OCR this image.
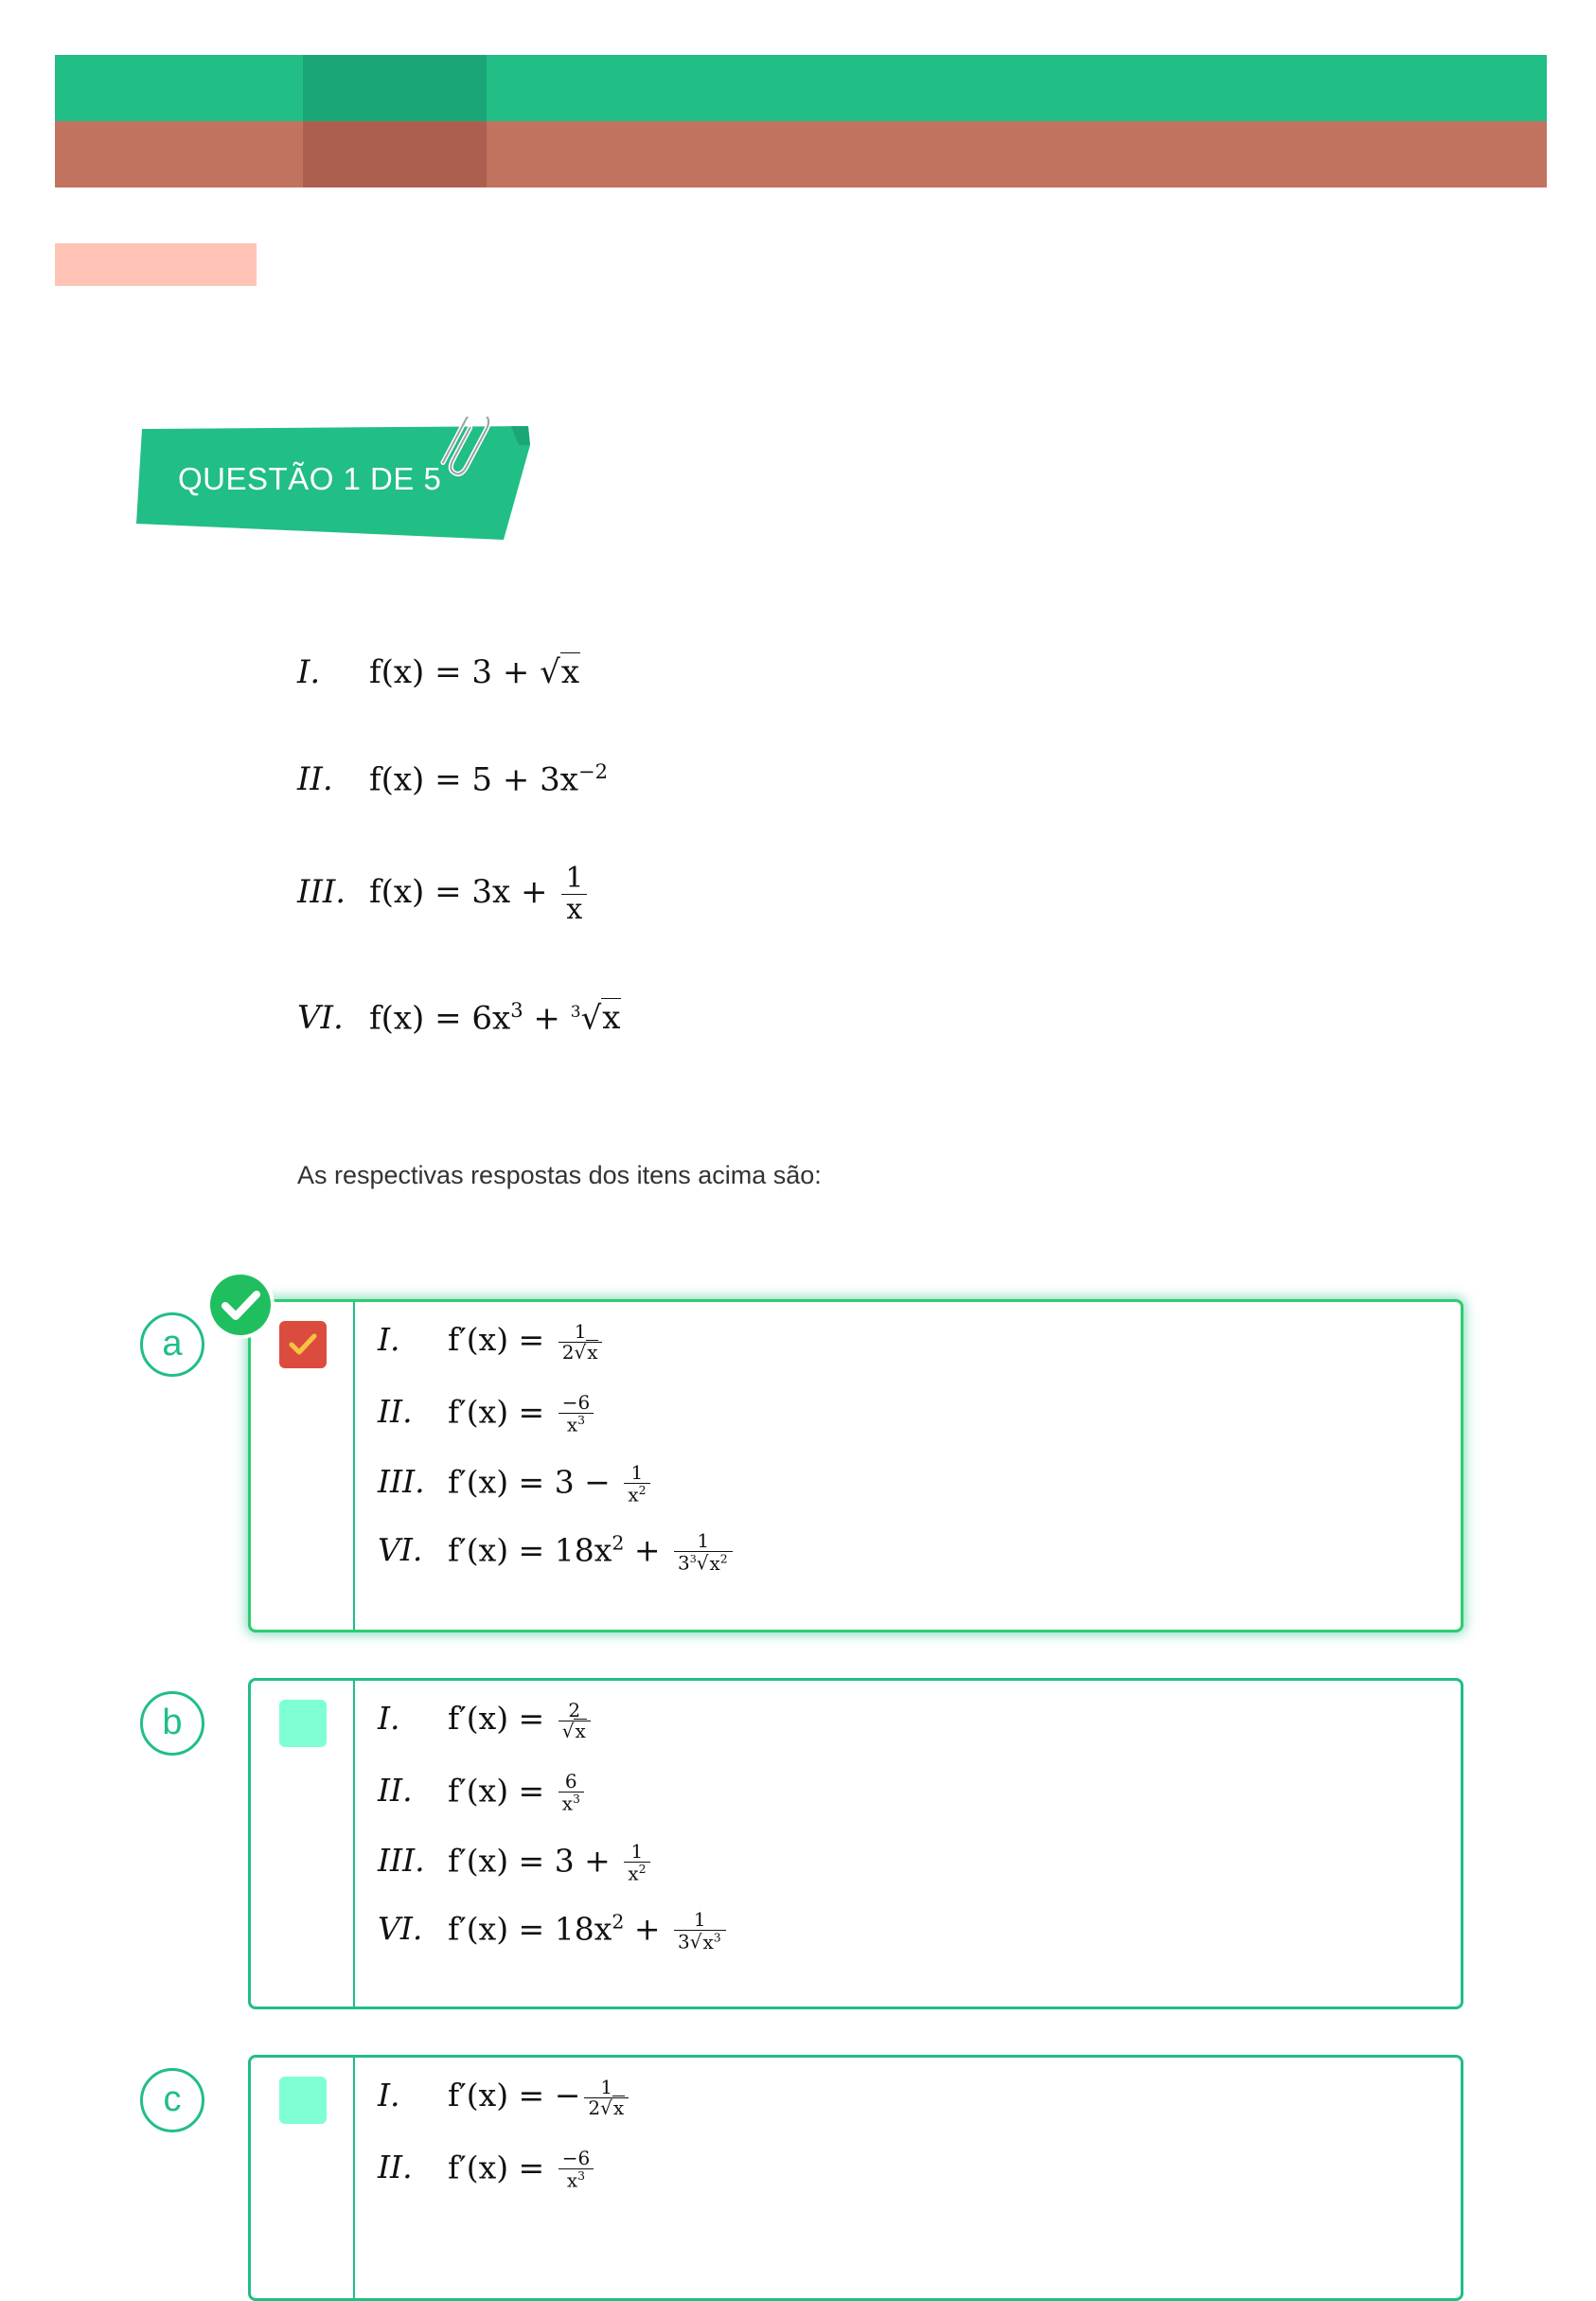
QUESTÃO 1 DE 5
I. f(x) = 3 + √x
II. $f(x) = 5 + 3x^{-2}$
III. $f(x) = 3x + \frac{1}{x}$
VI. $f(x) = 6x^3 + ^3√x$
As respectivas respostas dos itens acima são:
a	I. $f'(x) = \frac{1}{2√x}$
II. $f'(x) = \frac{-6}{x^3}$
III. $f'(x) = 3 - \frac{1}{x^2}$
VI. $f'(x) = 18x^2 + \frac{1}{3^3√x^2}$
b	I. $f'(x) = \frac{2}{√x}$
II. $f'(x) = \frac{6}{x^3}$
III. $f'(x) = 3 + \frac{1}{x^2}$
VI. $f'(x) = 18x^2 + \frac{1}{3√x^3}$
c	I. f′(x) = − $\frac{1}{2√x}$
II. $f'(x) = \frac{-6}{x^3}$
